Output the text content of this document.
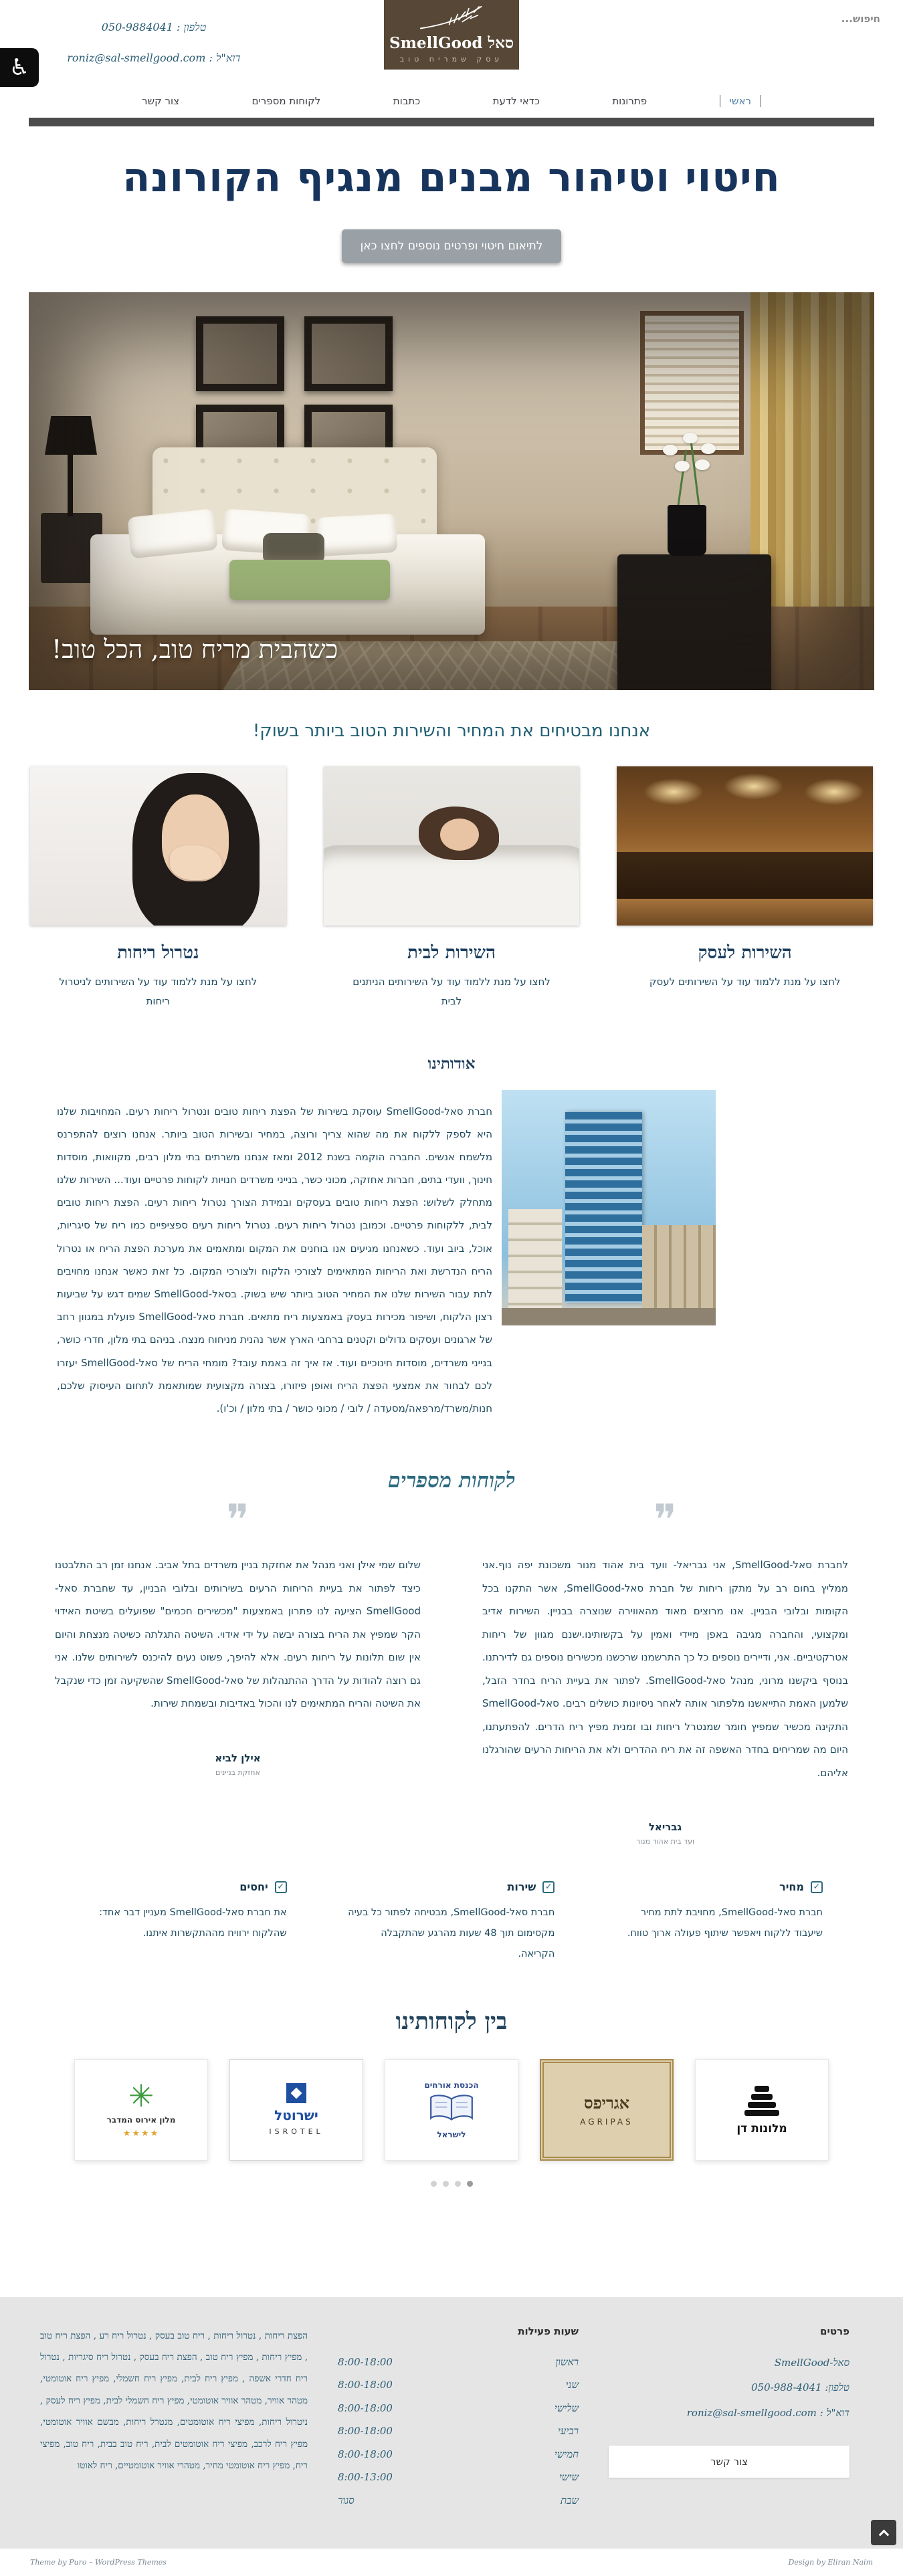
טלפון : 050-9884041
דוא"ל : roniz@sal-smellgood.com
SmellGood סאל
עסק שמריח טוב
חיפוש...
♿
ראשי
פתרונות
כדאי לדעת
כתבות
לקוחות מספרים
צור קשר
חיטוי וטיהור מבנים מנגיף הקורונה
לתיאום חיטוי ופרטים נוספים לחצו כאן
כשהבית מריח טוב, הכל טוב!
אנחנו מבטיחים את המחיר והשירות הטוב ביותר בשוק!
השירות לעסק
לחצו על מנת ללמוד עוד על השירותים לעסק
השירות לבית
לחצו על מנת ללמוד עוד על השירותים הניתנים לבית
נטרול ריחות
לחצו על מנת ללמוד עוד על השירותים לניטרול ריחות
אודותינו

חברת סאל-SmellGood עוסקת בשירות של הפצת ריחות טובים ונטרול ריחות רעים. המחויבות שלנו היא לספק ללקוח את מה שהוא צריך ורוצה, במחיר ובשירות הטוב ביותר. אנחנו רוצים להתפרנס מלשמח אנשים. החברה הוקמה בשנת 2012 ומאז אנחנו משרתים בתי מלון רבים, מקוואות, מוסדות חינוך, וועדי בתים, חברות אחזקה, מכוני כשר, בנייני משרדים חנויות לקוחות פרטיים ועוד... השירות שלנו מתחלק לשלוש: הפצת ריחות טובים בעסקים ובמידת הצורך נטרול ריחות רעים. הפצת ריחות טובים לבית, ללקוחות פרטיים. וכמובן נטרול ריחות רעים. נטרול ריחות רעים ספציפיים כמו ריח של סיגריות, אוכל, ביוב ועוד. כשאנחנו מגיעים אנו בוחנים את המקום ומתאמים את מערכת הפצת הריח או נטרול הריח הנדרשת ואת הריחות המתאימים לצורכי הלקוח ולצורכי המקום. כל זאת כאשר אנחנו מחויבים לתת עבור השירות שלנו את המחיר הטוב ביותר שיש בשוק. בסאל-SmellGood שמים דגש על שביעות רצון הלקוח, ושיפור מכירות בעסק באמצעות ריח מתאים. חברת סאל-SmellGood פועלת במגוון רחב של ארגונים ועסקים גדולים וקטנים ברחבי הארץ אשר נהנית מניחוח מנצח. בניהם בתי מלון, חדרי כושר, בנייני משרדים, מוסדות חינוכיים ועוד. אז איך זה באמת עובד? מומחי הריח של סאל-SmellGood יעזרו לכם לבחור את אמצעי הפצת הריח ואופן פיזורו, בצורה מקצועית שמותאמת לתחום העיסוק שלכם, חנות/משרד/מרפאה/מסעדה / לובי / מכוני כושר / בתי מלון / וכ'ו).

לקוחות מספרים
❞

לחברת סאל-SmellGood, אני גבריאל- וועד בית אהוד מנור משכונת יפה נוף.אני ממליץ בחום רב על מתקן ריחות של חברת סאל-SmellGood, אשר התקנו בכל הקומות ובלובי הבניין. אנו מרוצים מאוד מהאווירה שנוצרה בבניין. השירות אדיב ומקצועי, והחברה מגיבה באפן מיידי ואמין על בקשותינו.ישנם מגוון של ריחות אטרקטיביים. אני, ודיירים נוספים כל כך התרשמנו שרכשנו מכשירים נוספים גם לדירתנו. בנוסף ביקשנו מרוני, מנהל סאל-SmellGood. לפתור את בעיית הריח בחדר הזבל, שלמען האמת התייאשנו מלפתור אותה לאחר ניסיונות כושלים רבים. סאל-SmellGood התקינה מכשיר שמפיץ חומר שמנטרל ריחות ובו זמנית מפיץ ריח הדרים. להפתעתנו, היום מה שמריחים בחדר האשפה זה את ריח ההדרים ולא את הריחות הרעים שהורגלנו אליהם.

גבריאל
ועד בית אהוד מנור
❞

שלום שמי אילן ואני מנהל את אחזקת בניין משרדים בתל אביב. אנחנו זמן רב התלבטנו כיצד לפתור את בעיית הריחות הרעים בשירותים ובלובי הבניין, עד שחברת סאל-SmellGood הציעה לנו פתרון באמצעות "מכשירים חכמים" שפועלים בשיטת האידוי הקר שמפיץ את הריח בצורה יבשה על ידי אידוי. השיטה התגלתה כשיטה מנצחת והיום אין שום תלונות על ריחות רעים. אלא להיפך, פשוט נעים להיכנס לשירותים שלנו. אני גם רוצה להודות על הדרך ההתנהלות של סאל-SmellGood שהשקיעה זמן כדי שנקבל את השיטה והריח המתאימים לנו והכול באדיבות ובשמחת שירות.

אילן לביא
אחזקת בניינים
✓
מחיר
חברת סאל-SmellGood, מחויבת לתת מחיר שיעבוד ללקוח ויאפשר שיתוף פעולה ארוך טווח.
✓
שירות
חברת סאל-SmellGood, מבטיחה לפתור כל בעיה מקסימום תוך 48 שעות מהרגע שהתקבלה הקריאה.
✓
יחסים
את חברת סאל-SmellGood מעניין דבר אחד: שהלקוח ירוויח מההתקשרות איתנו.
בין לקוחותינו
מלונות דן
אגריפס
AGRIPAS
הכנסת אורחים
לישראל
ישרוטל
ISROTEL
✳
מלון אירוס המדבר
★★★★
פרטים
סאל-SmellGood
טלפון: 050-988-4041
דוא"ל : roniz@sal-smellgood.com
צור קשר
שעות פעילות
ראשון
8:00-18:00
שני
8:00-18:00
שלישי
8:00-18:00
רביעי
8:00-18:00
חמישי
8:00-18:00
שישי
8:00-13:00
שבת
סגור
הפצת ריחות , נטרול ריחות , ריח טוב בעסק , נטרול ריח רע , הפצת ריח טוב , מפיץ ריחות , מפיץ ריח טוב , הפצת ריח בעסק , נטרול ריח סיגריות , נטרול ריח חדרי אשפה , מפיץ ריח לבית, מפיץ ריח חשמלי, מפיץ ריח אוטומטי, מטהר אוויר, מטהר אוויר אוטומטי, מפיץ ריח חשמלי לבית, מפיץ ריח לעסק , ניטרול ריחות, מפיצי ריח אוטומטים, מנטרל ריחות, מבשם אוויר אוטומטי, מפיץ ריח לרכב, מפיצי ריח אוטומטים לבית, ריח טוב בבית, ריח טוב, מפיצי ריח, מפיץ ריח אוטומטי מחיר, מטהרי אוויר אוטומטיים, ריח לאוטו
Theme by Puro – WordPress Themes	Design by Eliran Naim
